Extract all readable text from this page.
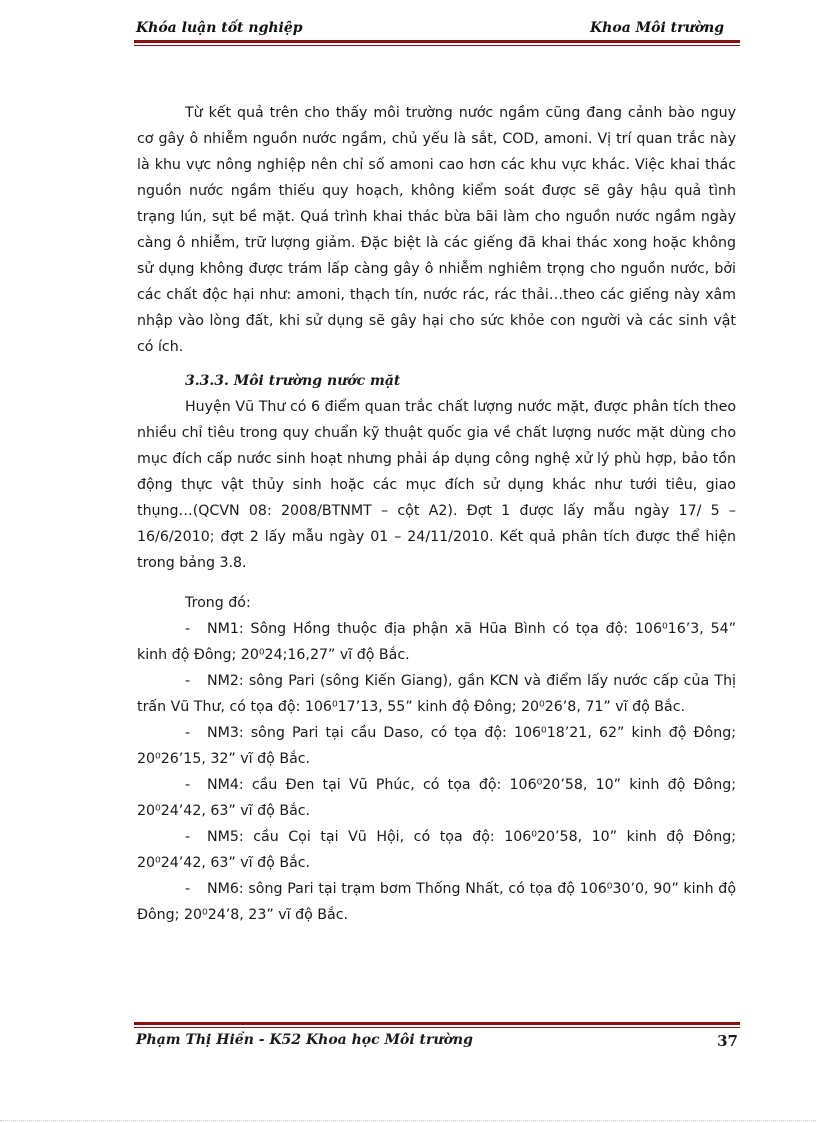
Khóa luận tốt nghiệp	Khoa Môi trường

Từ kết quả trên cho thấy môi trường nước ngầm cũng đang cảnh bào nguy cơ gây ô nhiễm nguồn nước ngầm, chủ yếu là sắt, COD, amoni. Vị trí quan trắc này là khu vực nông nghiệp nên chỉ số amoni cao hơn các khu vực khác. Việc khai thác nguồn nước ngầm thiếu quy hoạch, không kiểm soát được sẽ gây hậu quả tình trạng lún, sụt bề mặt. Quá trình khai thác bừa bãi làm cho nguồn nước ngầm ngày càng ô nhiễm, trữ lượng giảm. Đặc biệt là các giếng đã khai thác xong hoặc không sử dụng không được trám lấp càng gây ô nhiễm nghiêm trọng cho nguồn nước, bởi các chất độc hại như: amoni, thạch tín, nước rác, rác thải…theo các giếng này xâm nhập vào lòng đất, khi sử dụng sẽ gây hại cho sức khỏe con người và các sinh vật có ích.

3.3.3. Môi trường nước mặt

Huyện Vũ Thư có 6 điểm quan trắc chất lượng nước mặt, được phân tích theo nhiều chỉ tiêu trong quy chuẩn kỹ thuật quốc gia về chất lượng nước mặt dùng cho mục đích cấp nước sinh hoạt nhưng phải áp dụng công nghệ xử lý phù hợp, bảo tồn động thực vật thủy sinh hoặc các mục đích sử dụng khác như tưới tiêu, giao thụng…(QCVN 08: 2008/BTNMT – cột A2). Đợt 1 được lấy mẫu ngày 17/ 5 – 16/6/2010; đợt 2 lấy mẫu ngày 01 – 24/11/2010. Kết quả phân tích được thể hiện trong bảng 3.8.

Trong đó:

- NM1: Sông Hồng thuộc địa phận xã Hũa Bình có tọa độ: 106⁰16’3, 54” kinh độ Đông; 20⁰24;16,27” vĩ độ Bắc.

- NM2: sông Pari (sông Kiến Giang), gần KCN và điểm lấy nước cấp của Thị trấn Vũ Thư, có tọa độ: 106⁰17’13, 55” kinh độ Đông; 20⁰26’8, 71” vĩ độ Bắc.

- NM3: sông Pari tại cầu Daso, có tọa độ: 106⁰18’21, 62” kinh độ Đông; 20⁰26’15, 32” vĩ độ Bắc.

- NM4: cầu Đen tại Vũ Phúc, có tọa độ: 106⁰20’58, 10” kinh độ Đông; 20⁰24’42, 63” vĩ độ Bắc.

- NM5: cầu Cọi tại Vũ Hội, có tọa độ: 106⁰20’58, 10” kinh độ Đông; 20⁰24’42, 63” vĩ độ Bắc.

- NM6: sông Pari tại trạm bơm Thống Nhất, có tọa độ 106⁰30’0, 90” kinh độ Đông; 20⁰24’8, 23” vĩ độ Bắc.

Phạm Thị Hiền - K52 Khoa học Môi trường	37
